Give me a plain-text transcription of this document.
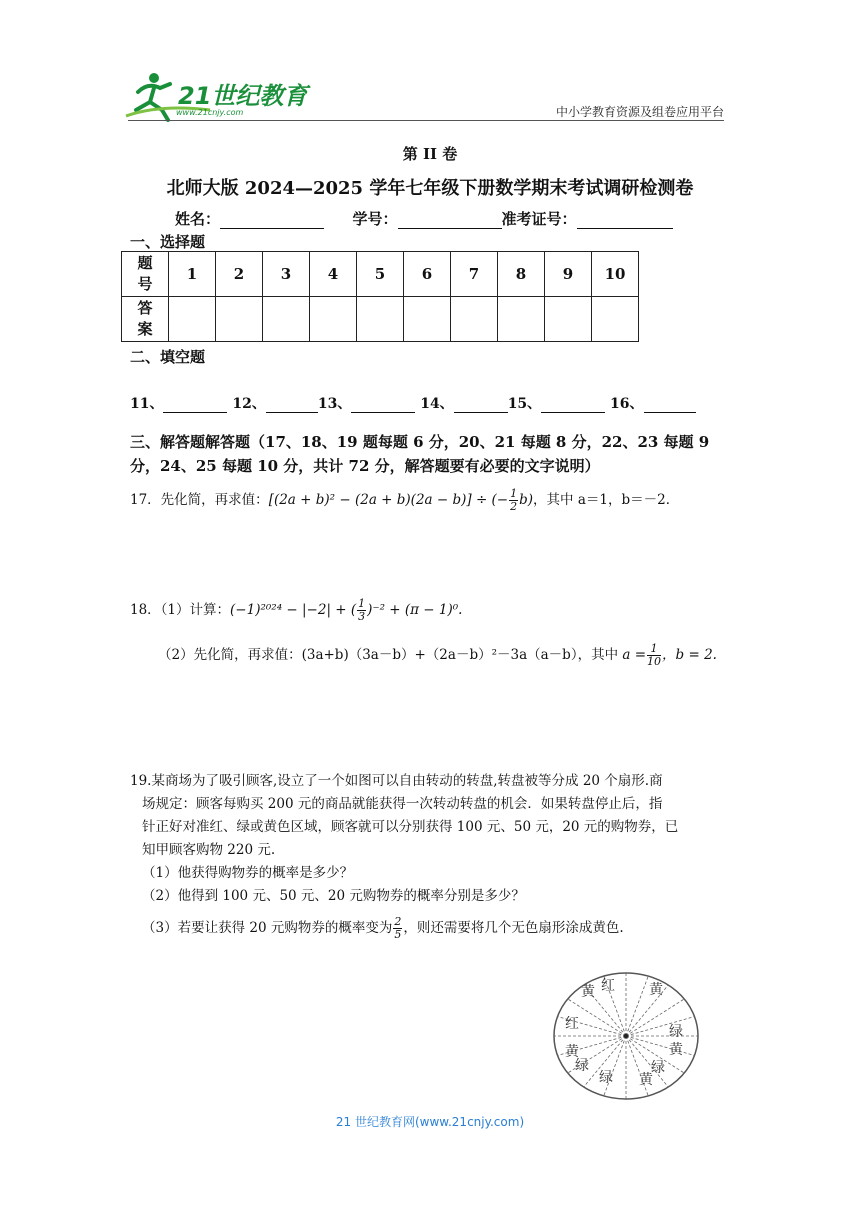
21世纪教育
www.21cnjy.com	中小学教育资源及组卷应用平台
第 II 卷
北师大版 2024—2025 学年七年级下册数学期末考试调研检测卷
姓名：	学号：	准考证号：
一、选择题
题
号	1	2	3	4	5	6	7	8	9	10
答
案										
二、填空题
11、	12、	13、	14、	15、	16、
三、解答题解答题（17、18、19 题每题 6 分，20、21 每题 8 分，22、23 每题 9 分，24、25 每题 10 分，共计 72 分，解答题要有必要的文字说明）
17．先化简，再求值：[(2a + b)² − (2a + b)(2a − b)] ÷ (− $\frac{1}{2} b$)，其中 a＝1，b＝－2．
18．（1）计算：(−1)²⁰²⁴ − |−2| + ( $\frac{1}{3} )^{-2} + (\pi - 1)^0$.
（2）先化简，再求值：(3a+b)（3a－b）+（2a－b）²－3a（a－b），其中 $a = \frac{1}{10}$ ，b = 2.

19.某商场为了吸引顾客,设立了一个如图可以自由转动的转盘,转盘被等分成 20 个扇形.商

场规定：顾客每购买 200 元的商品就能获得一次转动转盘的机会．如果转盘停止后，指

针正好对准红、绿或黄色区域，顾客就可以分别获得 100 元、50 元，20 元的购物券，已

知甲顾客购物 220 元.

（1）他获得购物券的概率是多少？

（2）他得到 100 元、50 元、20 元购物券的概率分别是多少？

（3）若要让获得 20 元购物券的概率变为 $\frac{2}{5}$ ，则还需要将几个无色扇形涂成黄色.

黄 红 黄
红	绿
黄
黄
绿
绿 黄
绿
21 世纪教育网(www.21cnjy.com)
